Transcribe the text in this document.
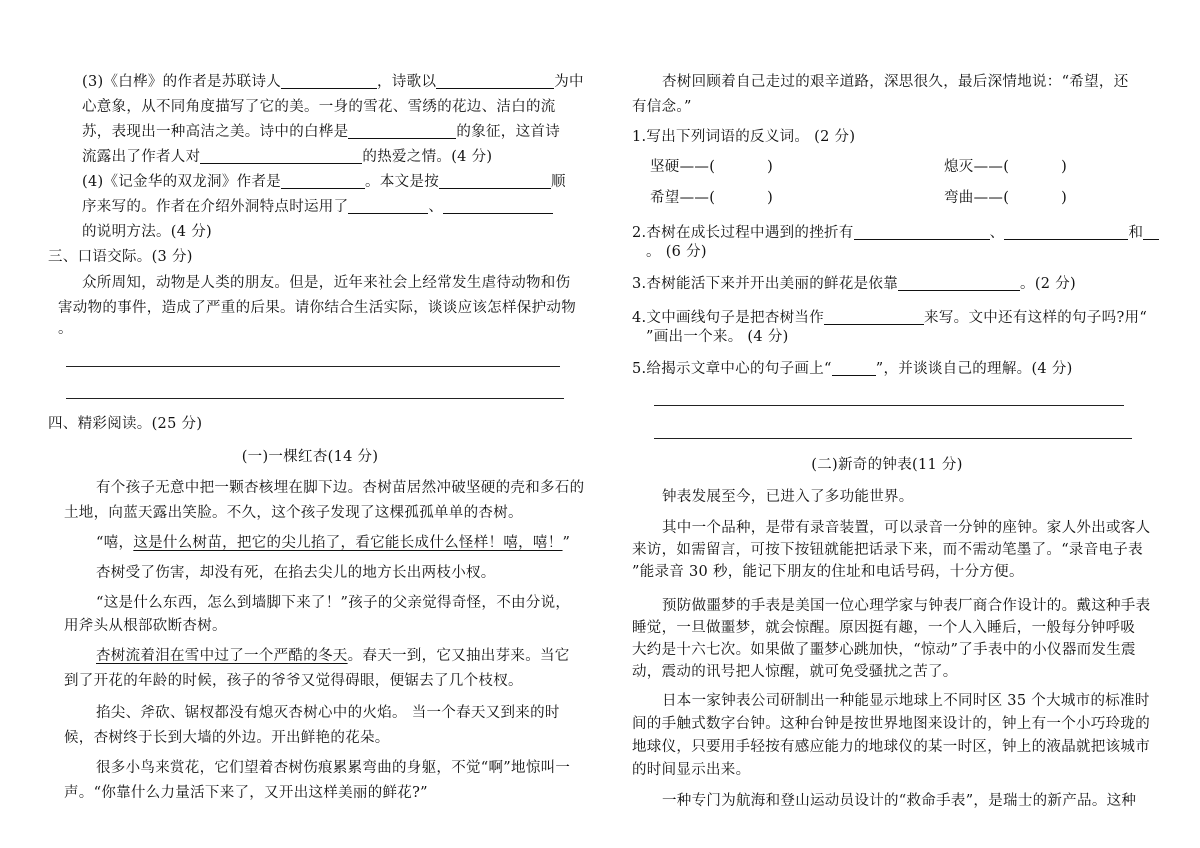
(3)《白桦》的作者是苏联诗人	，诗歌以	为中
心意象，从不同角度描写了它的美。一身的雪花、雪绣的花边、洁白的流
苏，表现出一种高洁之美。诗中的白桦是	的象征，这首诗
流露出了作者人对	的热爱之情。(4 分)
(4)《记金华的双龙洞》作者是	。本文是按	顺
序来写的。作者在介绍外洞特点时运用了	、
的说明方法。(4 分)
三、口语交际。(3 分)
众所周知，动物是人类的朋友。但是，近年来社会上经常发生虐待动物和伤
害动物的事件，造成了严重的后果。请你结合生活实际，谈谈应该怎样保护动物
。
四、精彩阅读。(25 分)
(一)一棵红杏(14 分)
有个孩子无意中把一颗杏核埋在脚下边。杏树苗居然冲破坚硬的壳和多石的
土地，向蓝天露出笑脸。不久，这个孩子发现了这棵孤孤单单的杏树。
“嘻，这是什么树苗，把它的尖儿掐了，看它能长成什么怪样！嘻，嘻！”
杏树受了伤害，却没有死，在掐去尖儿的地方长出两枝小杈。
“这是什么东西，怎么到墙脚下来了！”孩子的父亲觉得奇怪，不由分说，
用斧头从根部砍断杏树。
杏树流着泪在雪中过了一个严酷的冬天。春天一到，它又抽出芽来。当它
到了开花的年龄的时候，孩子的爷爷又觉得碍眼，便锯去了几个枝杈。
掐尖、斧砍、锯杈都没有熄灭杏树心中的火焰。 当一个春天又到来的时
候，杏树终于长到大墙的外边。开出鲜艳的花朵。
很多小鸟来赏花，它们望着杏树伤痕累累弯曲的身躯，不觉“啊”地惊叫一
声。“你靠什么力量活下来了，又开出这样美丽的鲜花?”
杏树回顾着自己走过的艰辛道路，深思很久，最后深情地说：“希望，还
有信念。”
1.写出下列词语的反义词。 (2 分)
坚硬——(	)	熄灭——(	)
希望——(	)	弯曲——(	)
2.杏树在成长过程中遇到的挫折有	、	和
。 (6 分)
3.杏树能活下来并开出美丽的鲜花是依靠	。(2 分)
4.文中画线句子是把杏树当作	来写。文中还有这样的句子吗?用“
”画出一个来。 (4 分)
5.给揭示文章中心的句子画上“	”，并谈谈自己的理解。(4 分)
(二)新奇的钟表(11 分)
钟表发展至今，已进入了多功能世界。
其中一个品种，是带有录音装置，可以录音一分钟的座钟。家人外出或客人
来访，如需留言，可按下按钮就能把话录下来，而不需动笔墨了。“录音电子表
”能录音 30 秒，能记下朋友的住址和电话号码，十分方便。
预防做噩梦的手表是美国一位心理学家与钟表厂商合作设计的。戴这种手表
睡觉，一旦做噩梦，就会惊醒。原因挺有趣，一个人入睡后，一般每分钟呼吸
大约是十六七次。如果做了噩梦心跳加快，“惊动”了手表中的小仪器而发生震
动，震动的讯号把人惊醒，就可免受骚扰之苦了。
日本一家钟表公司研制出一种能显示地球上不同时区 35 个大城市的标准时
间的手触式数字台钟。这种台钟是按世界地图来设计的，钟上有一个小巧玲珑的
地球仪，只要用手轻按有感应能力的地球仪的某一时区，钟上的液晶就把该城市
的时间显示出来。
一种专门为航海和登山运动员设计的“救命手表”，是瑞士的新产品。这种
